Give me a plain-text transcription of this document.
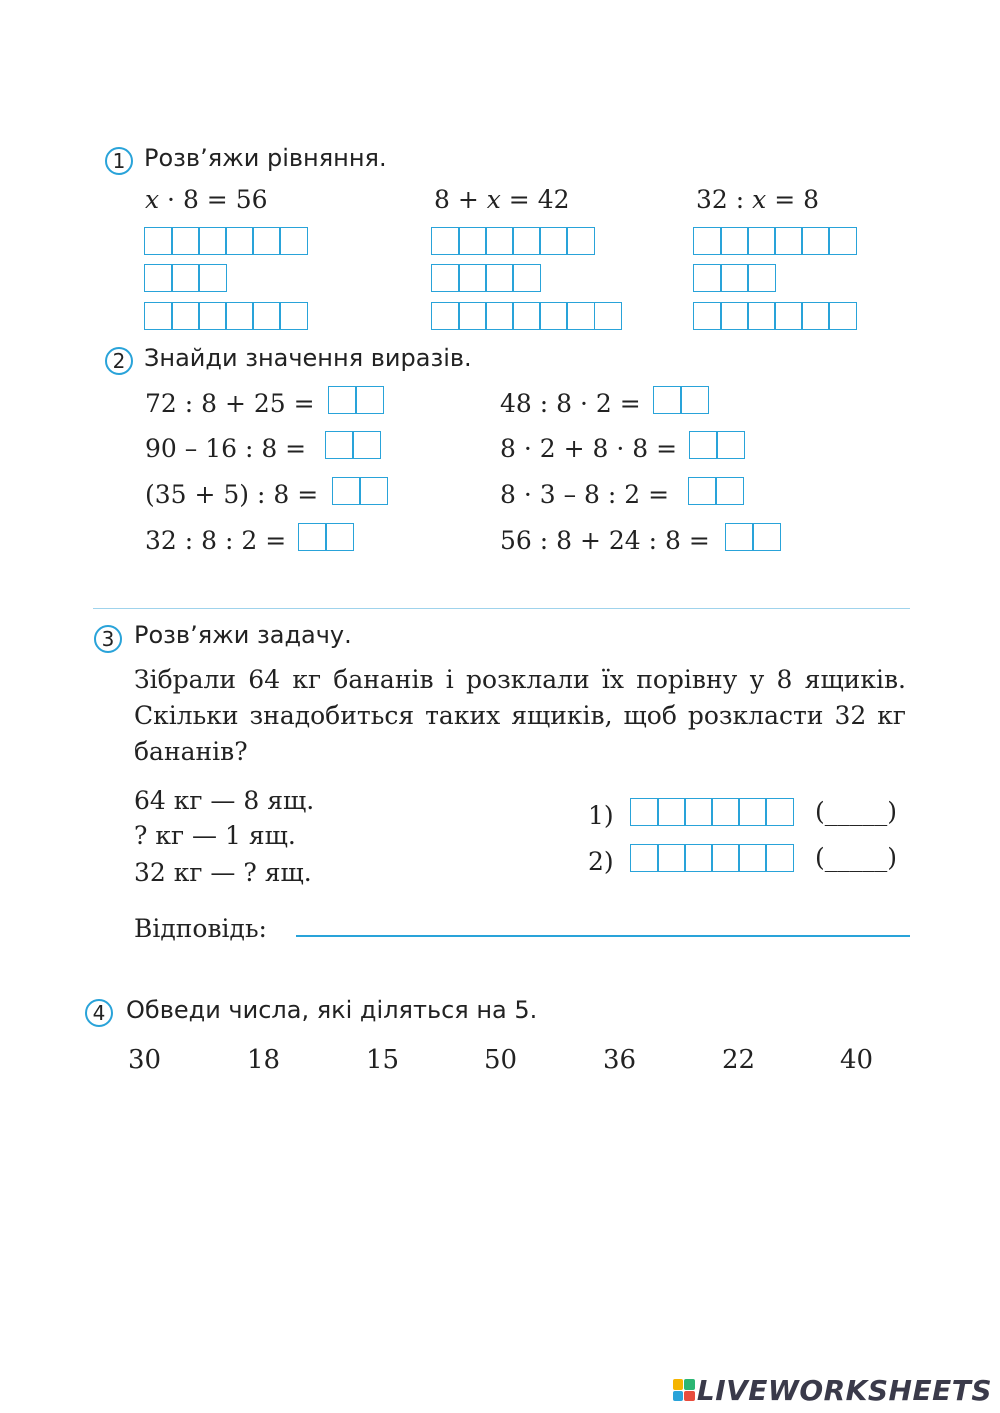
1 Розв’яжи рівняння.
x · 8 = 56	8 + x = 42	32 : x = 8
2 Знайди значення виразів.
72 : 8 + 25 =
90 – 16 : 8 =
(35 + 5) : 8 =
32 : 8 : 2 =
48 : 8 · 2 =
8 · 2 + 8 · 8 =
8 · 3 – 8 : 2 =
56 : 8 + 24 : 8 =
3 Розв’яжи задачу.
Зібрали 64 кг бананів і розклали їх порівну у 8 ящиків. Скільки знадобиться таких ящиків, щоб розкласти 32 кг бананів?
64 кг — 8 ящ.
? кг — 1 ящ.
32 кг — ? ящ.
1)	(_____)
2)	(_____)
Відповідь:
4 Обведи числа, які діляться на 5.
30	18	15	50	36	22	40
LIVEWORKSHEETS
